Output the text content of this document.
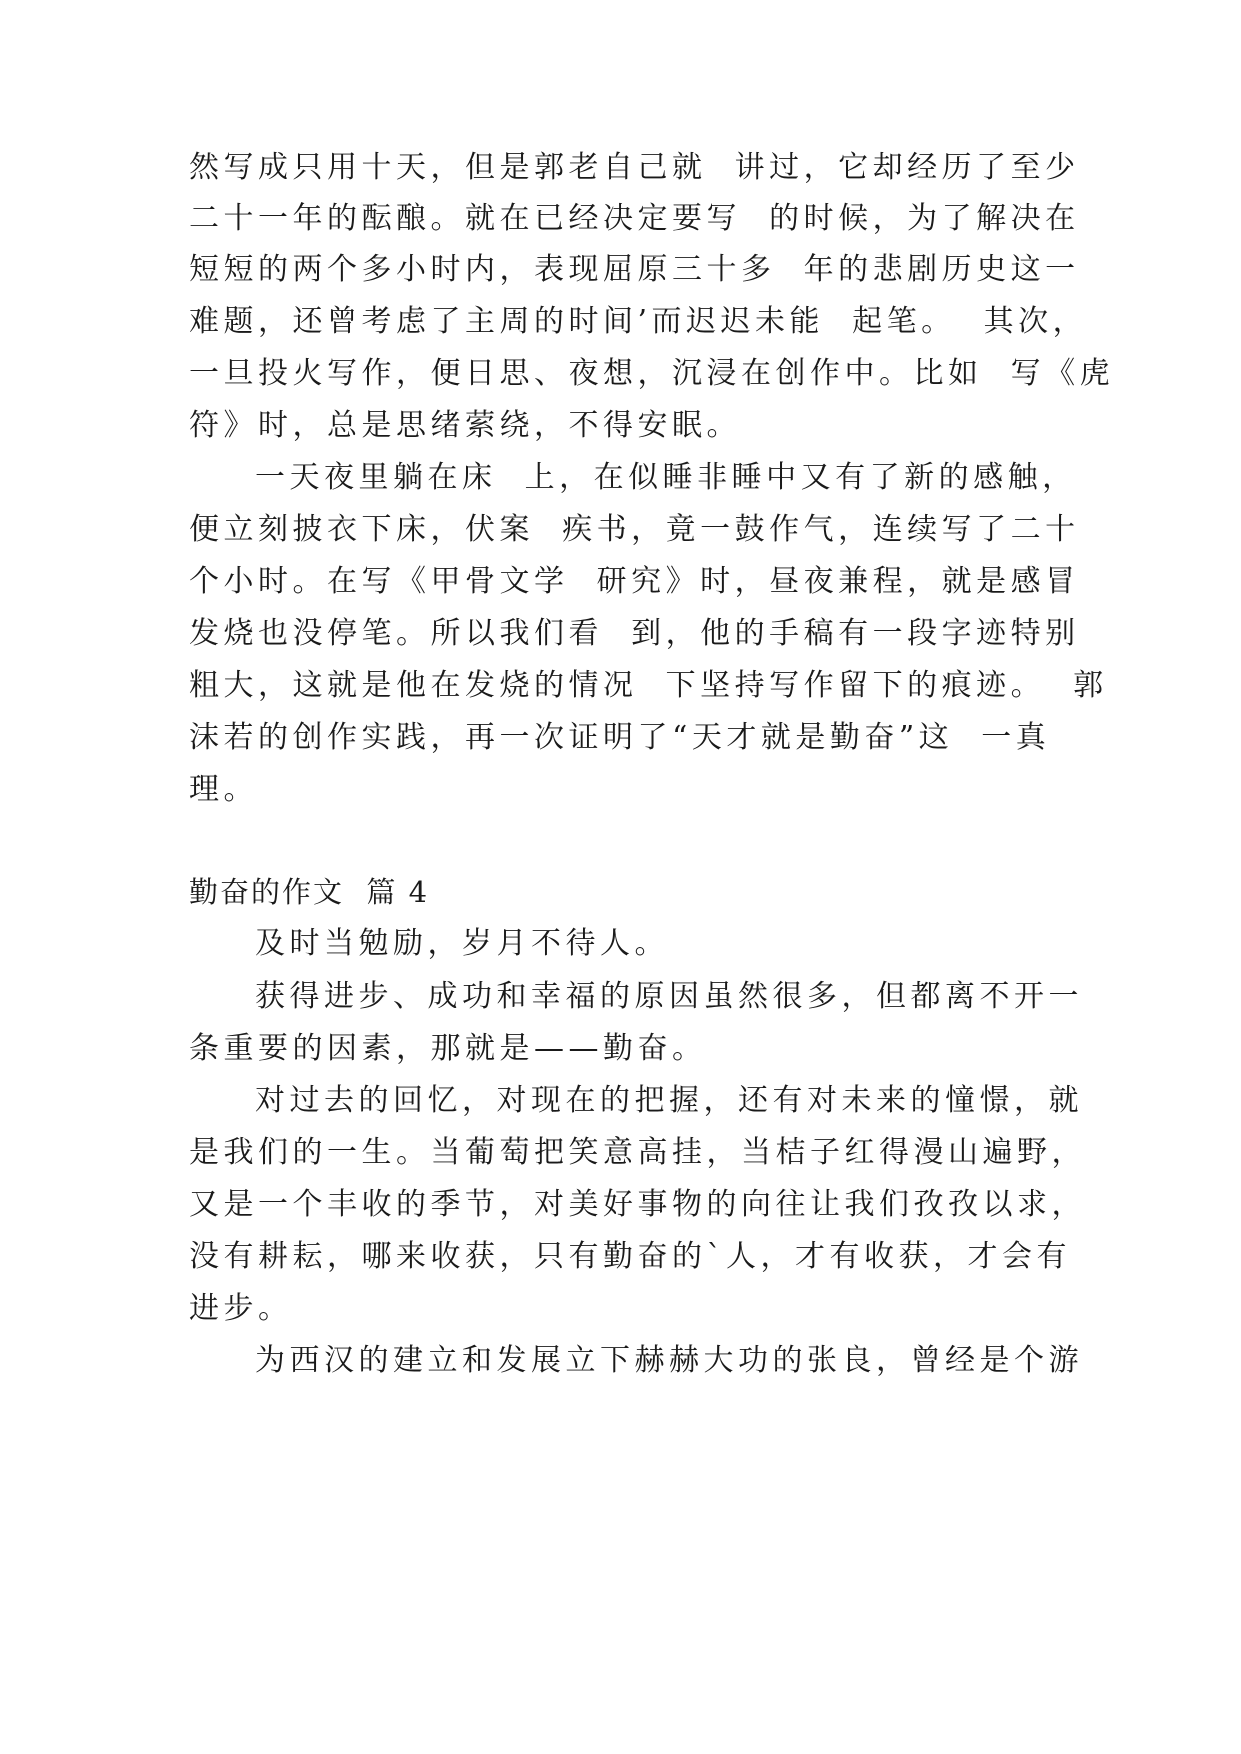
然写成只用十天，但是郭老自己就  讲过，它却经历了至少
二十一年的酝酿。就在已经决定要写  的时候，为了解决在
短短的两个多小时内，表现屈原三十多  年的悲剧历史这一
难题，还曾考虑了主周的时间’而迟迟未能  起笔。  其次，
一旦投火写作，便日思、夜想，沉浸在创作中。比如  写《虎
符》时，总是思绪萦绕，不得安眠。
一天夜里躺在床  上，在似睡非睡中又有了新的感触，
便立刻披衣下床，伏案  疾书，竟一鼓作气，连续写了二十
个小时。在写《甲骨文学  研究》时，昼夜兼程，就是感冒
发烧也没停笔。所以我们看  到，他的手稿有一段字迹特别
粗大，这就是他在发烧的情况  下坚持写作留下的痕迹。  郭
沫若的创作实践，再一次证明了“天才就是勤奋”这  一真
理。
勤奋的作文  篇 4
及时当勉励，岁月不待人。
获得进步、成功和幸福的原因虽然很多，但都离不开一
条重要的因素，那就是——勤奋。
对过去的回忆，对现在的把握，还有对未来的憧憬，就
是我们的一生。当葡萄把笑意高挂，当桔子红得漫山遍野，
又是一个丰收的季节，对美好事物的向往让我们孜孜以求，
没有耕耘，哪来收获，只有勤奋的`人，才有收获，才会有
进步。
为西汉的建立和发展立下赫赫大功的张良，曾经是个游
